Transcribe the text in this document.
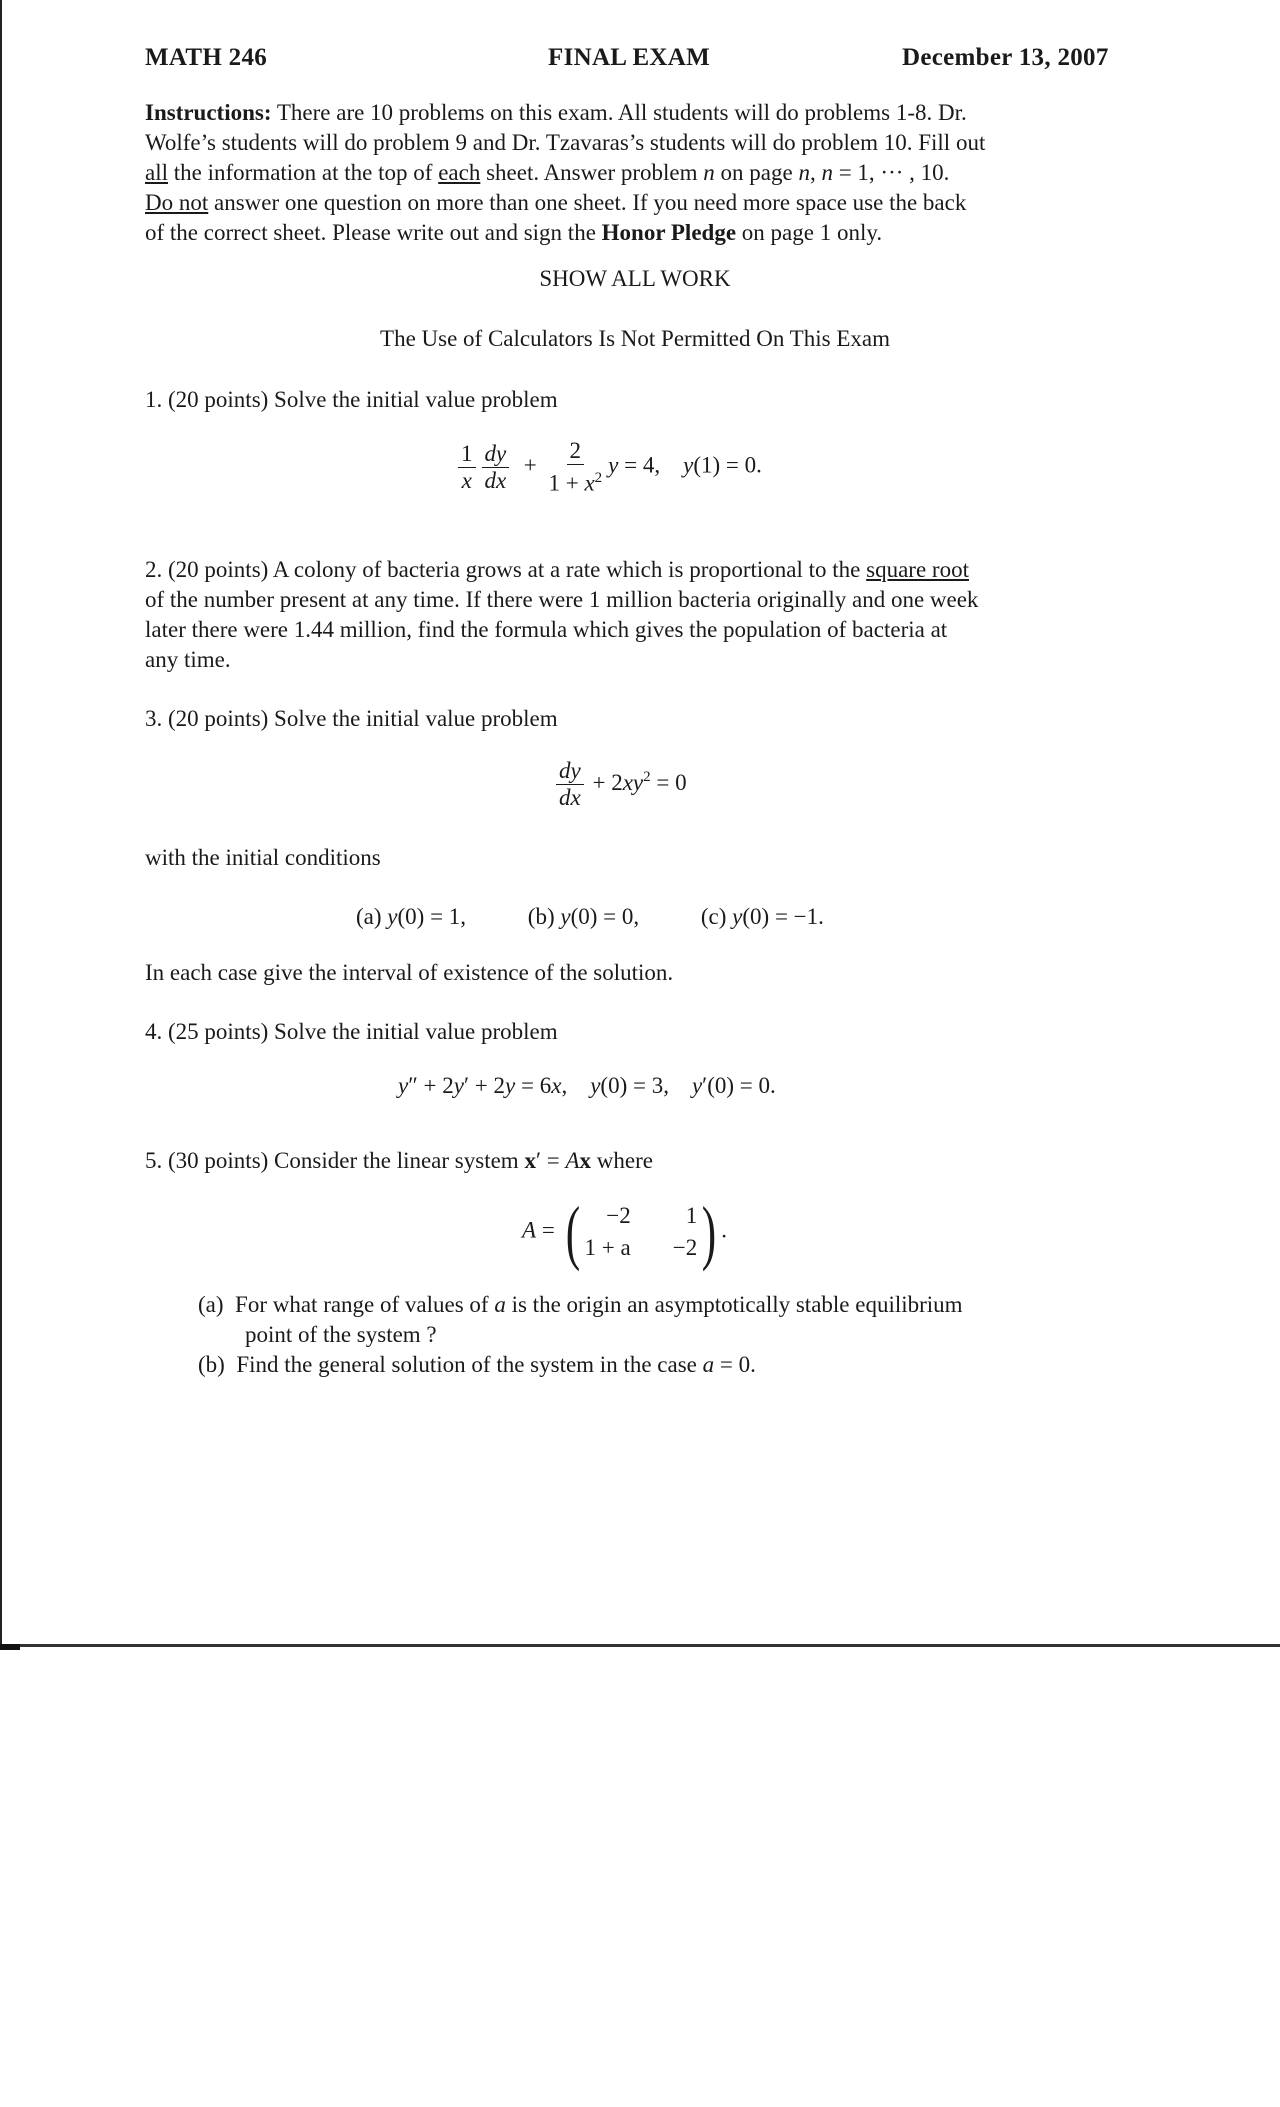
MATH 246	FINAL EXAM	December 13, 2007
Instructions: There are 10 problems on this exam. All students will do problems 1-8. Dr.
Wolfe’s students will do problem 9 and Dr. Tzavaras’s students will do problem 10. Fill out
all the information at the top of each sheet. Answer problem n on page n, n = 1, ··· , 10.
Do not answer one question on more than one sheet. If you need more space use the back
of the correct sheet. Please write out and sign the Honor Pledge on page 1 only.
SHOW ALL WORK
The Use of Calculators Is Not Permitted On This Exam
1. (20 points) Solve the initial value problem
$\frac{1}{x} \frac{dy}{dx} + \frac{2}{1 + x^2}$ y = 4,    y(1) = 0.
2. (20 points) A colony of bacteria grows at a rate which is proportional to the square root
of the number present at any time. If there were 1 million bacteria originally and one week
later there were 1.44 million, find the formula which gives the population of bacteria at
any time.
3. (20 points) Solve the initial value problem
$\frac{dy}{dx} + 2xy^2 = 0$
with the initial conditions
(a) y(0) = 1, (b) y(0) = 0, (c) y(0) = −1.
In each case give the interval of existence of the solution.
4. (25 points) Solve the initial value problem
y″ + 2y′ + 2y = 6x,    y(0) = 3,    y′(0) = 0.
5. (30 points) Consider the linear system x′ = Ax where
A = (	−2	1
1 + a −2 ) .
(a) For what range of values of a is the origin an asymptotically stable equilibrium
point of the system ?
(b) Find the general solution of the system in the case a = 0.
